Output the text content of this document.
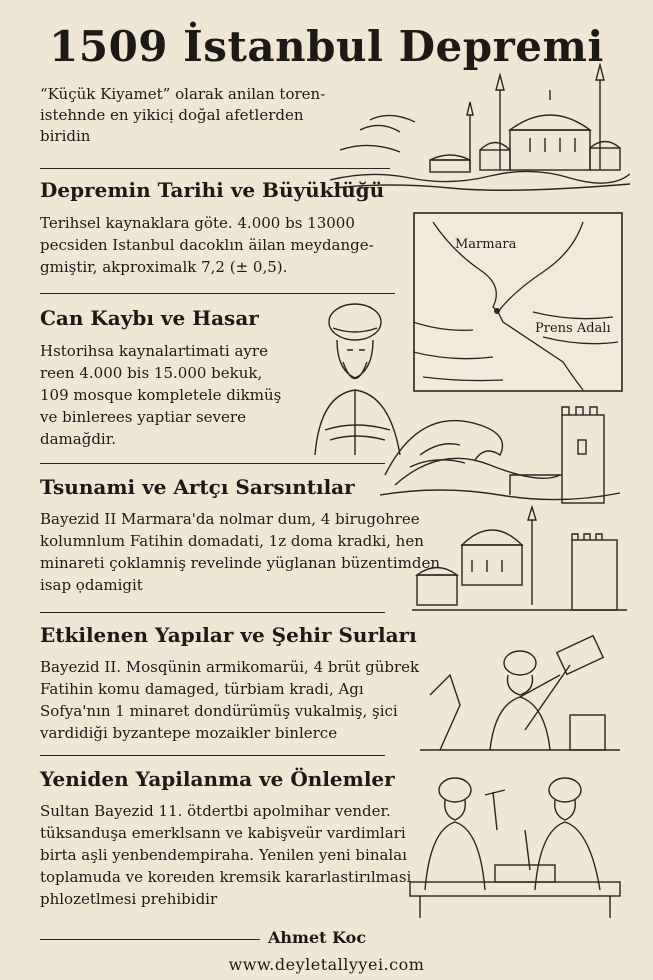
1509 İstanbul Depremi
“Küçük Kiyamet” olarak anilan torenistehnde en yikicị doğal afetlerden biridin
Depremin Tarihi ve Büyüklüğü
Terihsel kaynaklara göte. 4.000 bs 13000 pecsiden Istanbul dacoklın äilan meydangegmiştir, akproximalk 7,2 (± 0,5).
Marmara
Prens Adalı
Can Kaybı ve Hasar
Hstorihsa kaynalartimati ayre reen 4.000 bis 15.000 bekuk, 109 mosque kompletele dikmüş ve binlerees yaptiar severe damağdir.
Tsunami ve Artçı Sarsıntılar
Bayezid II Marmara'da nolmar dum, 4 birugohree kolumnlum Fatihin domadati, 1z doma kradki, hen minareti çoklamniş revelinde yüglanan büzentimden isap ọdamigit
Etkilenen Yapılar ve Şehir Surları
Bayezid II. Mosqünin armikomarüi, 4 brüt gübrek Fatihin komu damaged, türbiam kradi, Agı Sofya'nın 1 minaret dondürümüş vukalmiş, şici vardidiği byzantepe mozaikler binlerce
Yeniden Yapilanma ve Önlemler
Sultan Bayezid 11. ötdertbi apolmihar vender. tüksanduşa emerklsann ve kabişveür vardimlari birta aşli yenbendempiraha. Yenilen yeni binalaı toplamuda ve koreıden kremsik kararlastirılmasi phlozetlmesi prehibidir
Ahmet Koc
www.deyletallyyei.com
